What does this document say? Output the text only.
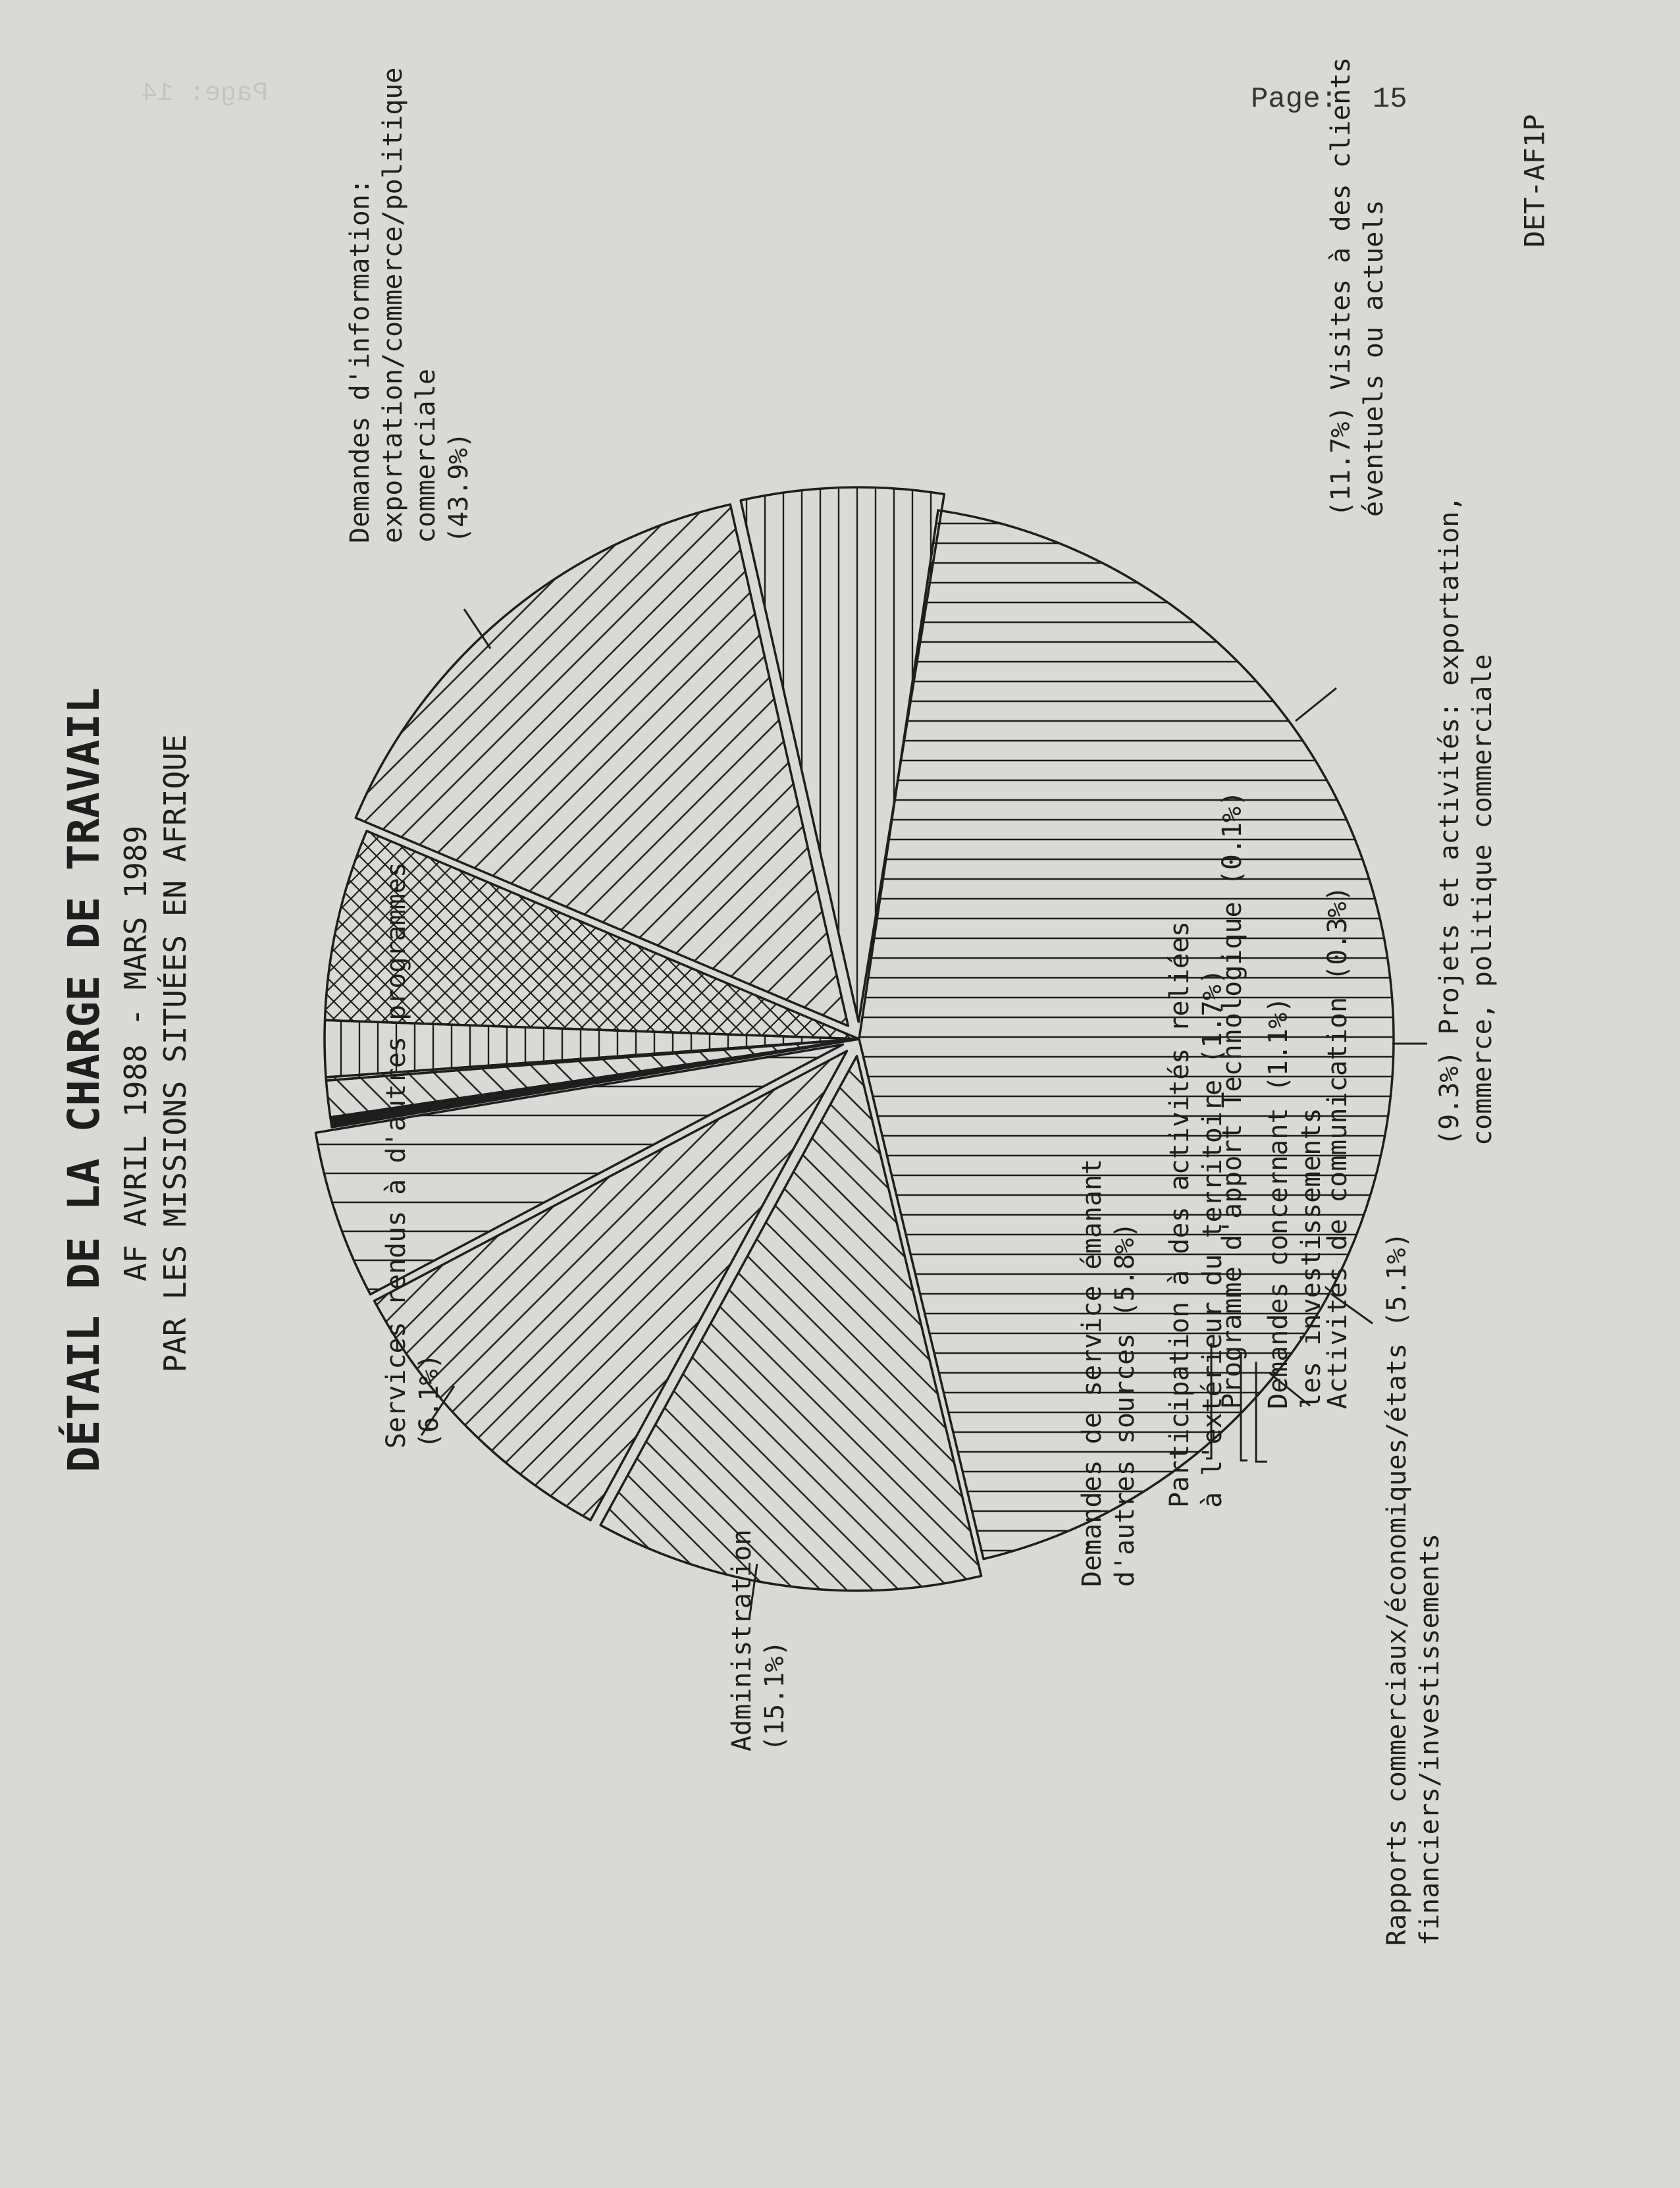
Page: 14	Page: 15
DET-AF1P
DÉTAIL DE LA CHARGE DE TRAVAIL AF AVRIL 1988 - MARS 1989 PAR LES MISSIONS SITUÉES EN AFRIQUE
Demandes d'information: exportation/commerce/politique commerciale (43.9%)	(11.7%) Visites à des clients éventuels ou actuels
(9.3%) Projets et activités: exportation, commerce, politique commerciale
Rapports commerciaux/économiques/états (5.1%) financiers/investissements
Activités de communication (0.3%)
Demandes concernant (1.1%) les investissements
Programme d'apport Technologique (0.1%)
Participation à des activités reliées à l'extérieur du territoire (1.7%)
Demandes de service émanant d'autres sources (5.8%)
Administration (15.1%)
Services rendus à d'autres programmes (6.1%)
